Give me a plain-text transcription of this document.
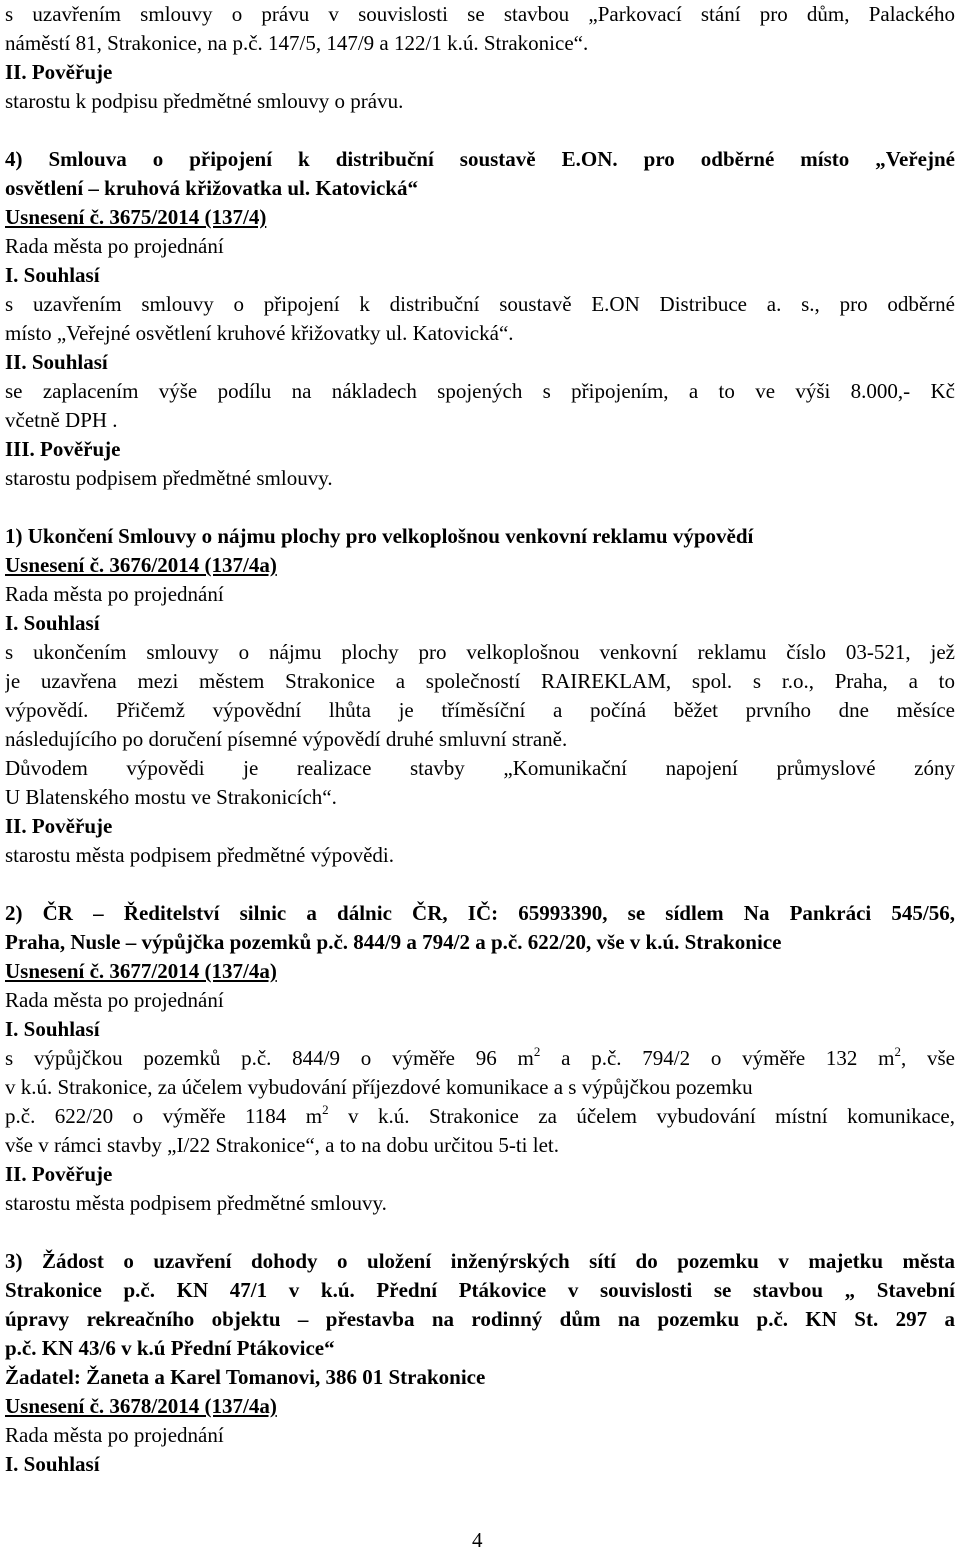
s uzavřením smlouvy o právu v souvislosti se stavbou „Parkovací stání pro dům, Palackého
náměstí 81, Strakonice, na p.č. 147/5, 147/9 a 122/1 k.ú. Strakonice“.
II. Pověřuje
starostu k podpisu předmětné smlouvy o právu.
4) Smlouva o připojení k distribuční soustavě E.ON. pro odběrné místo „Veřejné
osvětlení – kruhová křižovatka ul. Katovická“
Usnesení č. 3675/2014 (137/4)
Rada města po projednání
I. Souhlasí
s uzavřením smlouvy o připojení k distribuční soustavě E.ON Distribuce a. s., pro odběrné
místo „Veřejné osvětlení kruhové křižovatky ul. Katovická“.
II. Souhlasí
se zaplacením výše podílu na nákladech spojených s připojením, a to ve výši 8.000,- Kč
včetně DPH .
III. Pověřuje
starostu podpisem předmětné smlouvy.
1) Ukončení Smlouvy o nájmu plochy pro velkoplošnou venkovní reklamu výpovědí
Usnesení č. 3676/2014 (137/4a)
Rada města po projednání
I. Souhlasí
s ukončením smlouvy o nájmu plochy pro velkoplošnou venkovní reklamu číslo 03-521, jež
je uzavřena mezi městem Strakonice a společností RAIREKLAM, spol. s r.o., Praha, a to
výpovědí. Přičemž výpovědní lhůta je tříměsíční a počíná běžet prvního dne měsíce
následujícího po doručení písemné výpovědí druhé smluvní straně.
Důvodem výpovědi je realizace stavby „Komunikační napojení průmyslové zóny
U Blatenského mostu ve Strakonicích“.
II. Pověřuje
starostu města podpisem předmětné výpovědi.
2) ČR – Ředitelství silnic a dálnic ČR, IČ: 65993390, se sídlem Na Pankráci 545/56,
Praha, Nusle – výpůjčka pozemků p.č. 844/9 a 794/2 a p.č. 622/20, vše v k.ú. Strakonice
Usnesení č. 3677/2014 (137/4a)
Rada města po projednání
I. Souhlasí
s výpůjčkou pozemků p.č. 844/9 o výměře 96 $m^2$ a p.č. 794/2 o výměře 132 $m^2$, vše
v k.ú. Strakonice, za účelem vybudování příjezdové komunikace a s výpůjčkou pozemku
p.č. 622/20 o výměře 1184 $m^2$ v k.ú. Strakonice za účelem vybudování místní komunikace,
vše v rámci stavby „I/22 Strakonice“, a to na dobu určitou 5-ti let.
II. Pověřuje
starostu města podpisem předmětné smlouvy.
3) Žádost o uzavření dohody o uložení inženýrských sítí do pozemku v majetku města
Strakonice p.č. KN 47/1 v k.ú. Přední Ptákovice v souvislosti se stavbou „ Stavební
úpravy rekreačního objektu – přestavba na rodinný dům na pozemku p.č. KN St. 297 a
p.č. KN 43/6 v k.ú Přední Ptákovice“
Žadatel: Žaneta a Karel Tomanovi, 386 01 Strakonice
Usnesení č. 3678/2014 (137/4a)
Rada města po projednání
I. Souhlasí
4
